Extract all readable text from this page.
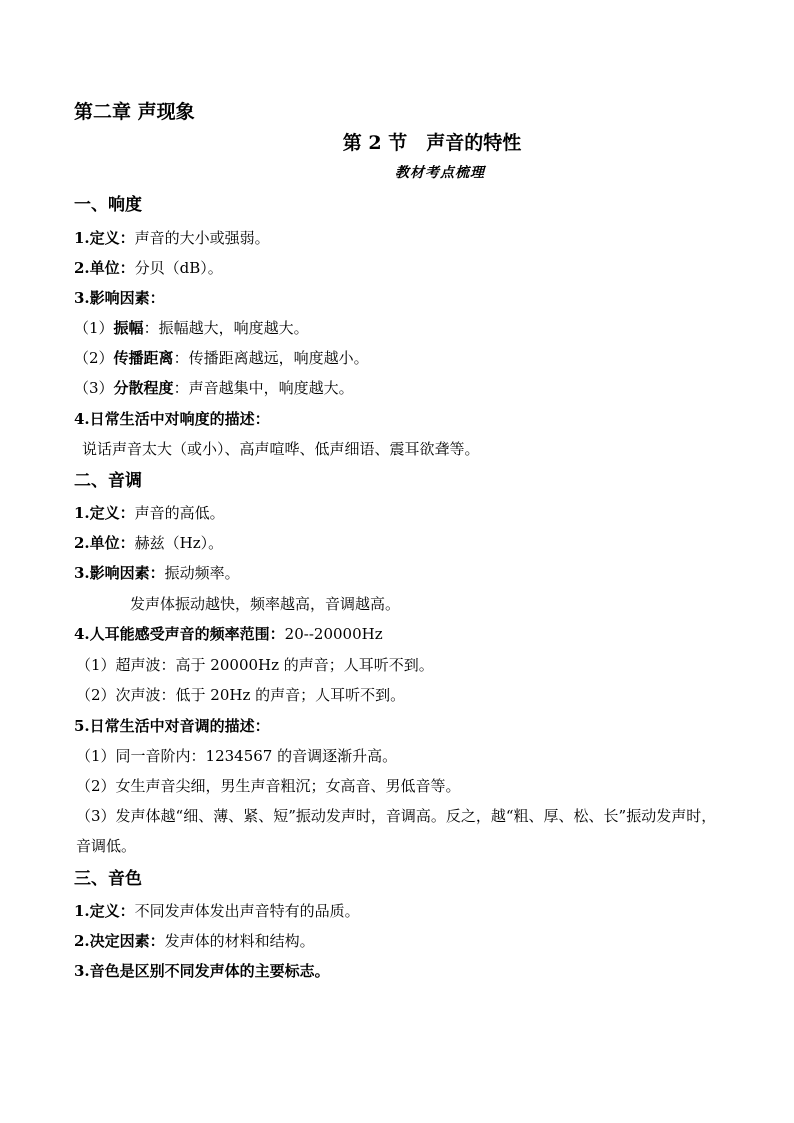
第二章 声现象
第 2 节　声音的特性
教材考点梳理
一、响度
1.定义：声音的大小或强弱。
2.单位：分贝（dB）。
3.影响因素：
（1）振幅：振幅越大，响度越大。
（2）传播距离：传播距离越远，响度越小。
（3）分散程度：声音越集中，响度越大。
4.日常生活中对响度的描述：
说话声音太大（或小）、高声喧哗、低声细语、震耳欲聋等。
二、音调
1.定义：声音的高低。
2.单位：赫兹（Hz）。
3.影响因素：振动频率。
发声体振动越快，频率越高，音调越高。
4.人耳能感受声音的频率范围：20--20000Hz
（1）超声波：高于 20000Hz 的声音；人耳听不到。
（2）次声波：低于 20Hz 的声音；人耳听不到。
5.日常生活中对音调的描述：
（1）同一音阶内：1234567 的音调逐渐升高。
（2）女生声音尖细，男生声音粗沉；女高音、男低音等。
（3）发声体越“细、薄、紧、短”振动发声时，音调高。反之，越“粗、厚、松、长”振动发声时，音调低。
三、音色
1.定义：不同发声体发出声音特有的品质。
2.决定因素：发声体的材料和结构。
3.音色是区别不同发声体的主要标志。
